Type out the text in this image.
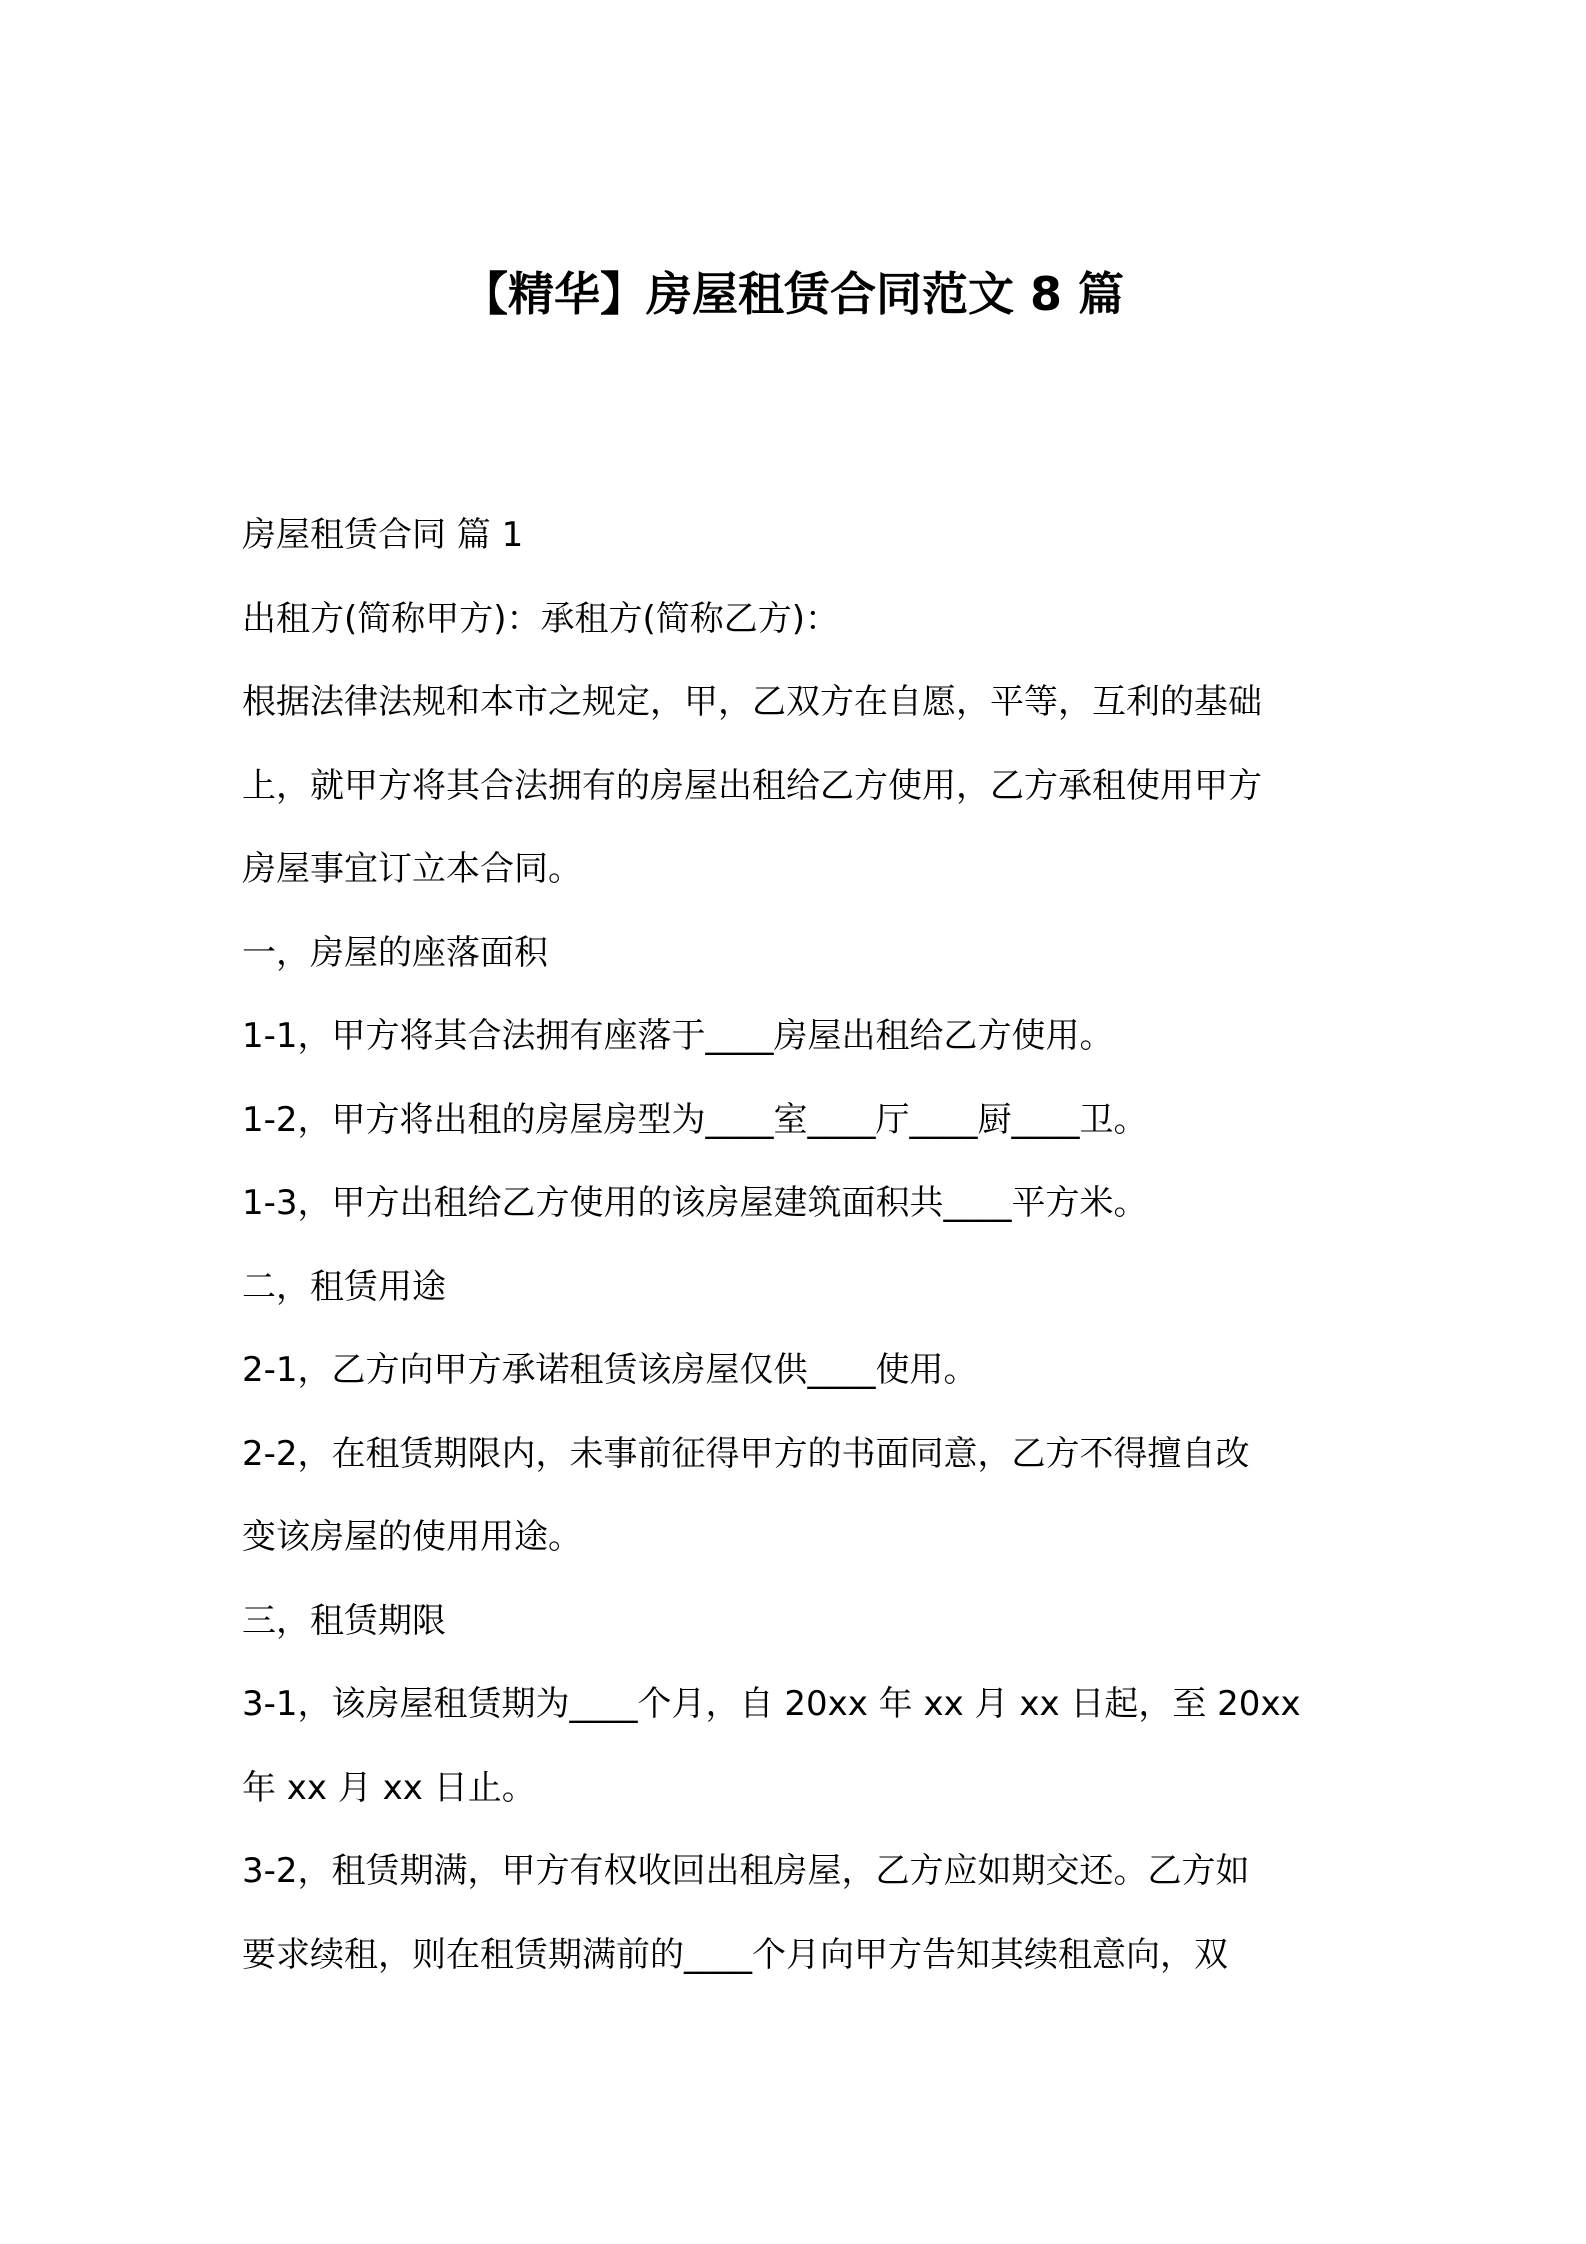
【精华】房屋租赁合同范文 8 篇

房屋租赁合同 篇 1

出租方(简称甲方)：承租方(简称乙方)：

根据法律法规和本市之规定，甲，乙双方在自愿，平等，互利的基础

上，就甲方将其合法拥有的房屋出租给乙方使用，乙方承租使用甲方

房屋事宜订立本合同。

一，房屋的座落面积

1-1，甲方将其合法拥有座落于____房屋出租给乙方使用。

1-2，甲方将出租的房屋房型为____室____厅____厨____卫。

1-3，甲方出租给乙方使用的该房屋建筑面积共____平方米。

二，租赁用途

2-1，乙方向甲方承诺租赁该房屋仅供____使用。

2-2，在租赁期限内，未事前征得甲方的书面同意，乙方不得擅自改

变该房屋的使用用途。

三，租赁期限

3-1，该房屋租赁期为____个月，自 20xx 年 xx 月 xx 日起，至 20xx

年 xx 月 xx 日止。

3-2，租赁期满，甲方有权收回出租房屋，乙方应如期交还。乙方如

要求续租，则在租赁期满前的____个月向甲方告知其续租意向，双
